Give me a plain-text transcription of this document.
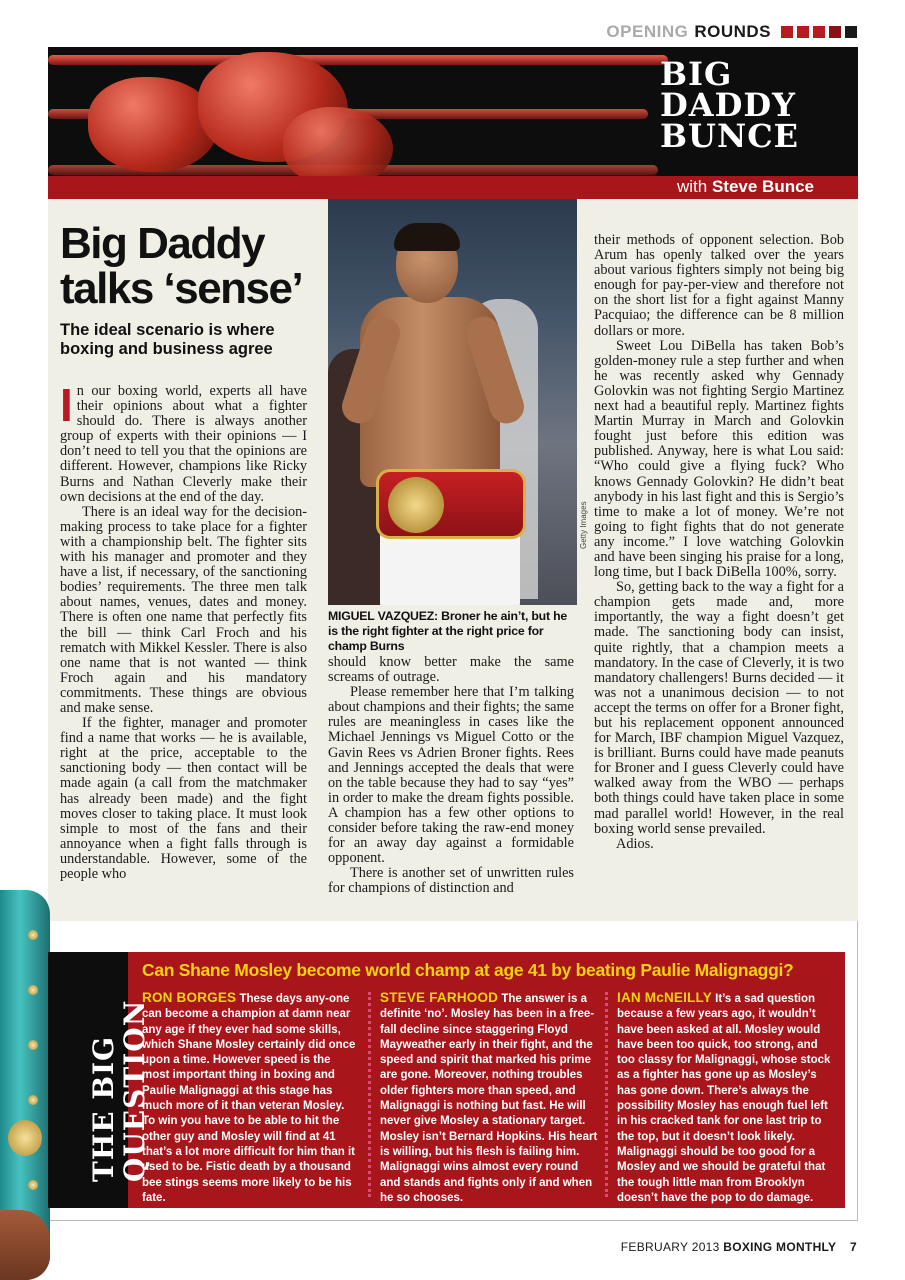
OPENING ROUNDS
BIG
DADDY
BUNCE
with Steve Bunce
Big Daddy
talks ‘sense’
The ideal scenario is where boxing and business agree

In our boxing world, experts all have their opinions about what a fighter should do. There is always another group of experts with their opinions — I don’t need to tell you that the opinions are different. However, champions like Ricky Burns and Nathan Cleverly make their own decisions at the end of the day.

There is an ideal way for the decision-making process to take place for a fighter with a championship belt. The fighter sits with his manager and promoter and they have a list, if necessary, of the sanctioning bodies’ requirements. The three men talk about names, venues, dates and money. There is often one name that perfectly fits the bill — think Carl Froch and his rematch with Mikkel Kessler. There is also one name that is not wanted — think Froch again and his mandatory commitments. These things are obvious and make sense.

If the fighter, manager and promoter find a name that works — he is available, right at the price, acceptable to the sanctioning body — then contact will be made again (a call from the matchmaker has already been made) and the fight moves closer to taking place. It must look simple to most of the fans and their annoyance when a fight falls through is understandable. However, some of the people who

Getty Images
MIGUEL VAZQUEZ: Broner he ain’t, but he is the right fighter at the right price for champ Burns

should know better make the same screams of outrage.

Please remember here that I’m talking about champions and their fights; the same rules are meaningless in cases like the Michael Jennings vs Miguel Cotto or the Gavin Rees vs Adrien Broner fights. Rees and Jennings accepted the deals that were on the table because they had to say “yes” in order to make the dream fights possible. A champion has a few other options to consider before taking the raw-end money for an away day against a formidable opponent.

There is another set of unwritten rules for champions of distinction and

their methods of opponent selection. Bob Arum has openly talked over the years about various fighters simply not being big enough for pay-per-view and therefore not on the short list for a fight against Manny Pacquiao; the difference can be 8 million dollars or more.

Sweet Lou DiBella has taken Bob’s golden-money rule a step further and when he was recently asked why Gennady Golovkin was not fighting Sergio Martinez next had a beautiful reply. Martinez fights Martin Murray in March and Golovkin fought just before this edition was published. Anyway, here is what Lou said: “Who could give a flying fuck? Who knows Gennady Golovkin? He didn’t beat anybody in his last fight and this is Sergio’s time to make a lot of money. We’re not going to fight fights that do not generate any income.” I love watching Golovkin and have been singing his praise for a long, long time, but I back DiBella 100%, sorry.

So, getting back to the way a fight for a champion gets made and, more importantly, the way a fight doesn’t get made. The sanctioning body can insist, quite rightly, that a champion meets a mandatory. In the case of Cleverly, it is two mandatory challengers! Burns decided — it was not a unanimous decision — to not accept the terms on offer for a Broner fight, but his replacement opponent announced for March, IBF champion Miguel Vazquez, is brilliant. Burns could have made peanuts for Broner and I guess Cleverly could have walked away from the WBO — perhaps both things could have taken place in some mad parallel world! However, in the real boxing world sense prevailed.

Adios.

THE BIG
QUESTION
Can Shane Mosley become world champ at age 41 by beating Paulie Malignaggi?
RON BORGES These days any-one can become a champion at damn near any age if they ever had some skills, which Shane Mosley certainly did once upon a time. However speed is the most important thing in boxing and Paulie Malignaggi at this stage has much more of it than veteran Mosley. To win you have to be able to hit the other guy and Mosley will find at 41 that’s a lot more difficult for him than it used to be. Fistic death by a thousand bee stings seems more likely to be his fate.
STEVE FARHOOD The answer is a definite ‘no’. Mosley has been in a free-fall decline since staggering Floyd Mayweather early in their fight, and the speed and spirit that marked his prime are gone. Moreover, nothing troubles older fighters more than speed, and Malignaggi is nothing but fast. He will never give Mosley a stationary target. Mosley isn’t Bernard Hopkins. His heart is willing, but his flesh is failing him. Malignaggi wins almost every round and stands and fights only if and when he so chooses.
IAN McNEILLY It’s a sad question because a few years ago, it wouldn’t have been asked at all. Mosley would have been too quick, too strong, and too classy for Malignaggi, whose stock as a fighter has gone up as Mosley’s has gone down. There’s always the possibility Mosley has enough fuel left in his cracked tank for one last trip to the top, but it doesn’t look likely. Malignaggi should be too good for a Mosley and we should be grateful that the tough little man from Brooklyn doesn’t have the pop to do damage.
FEBRUARY 2013 BOXING MONTHLY 7
